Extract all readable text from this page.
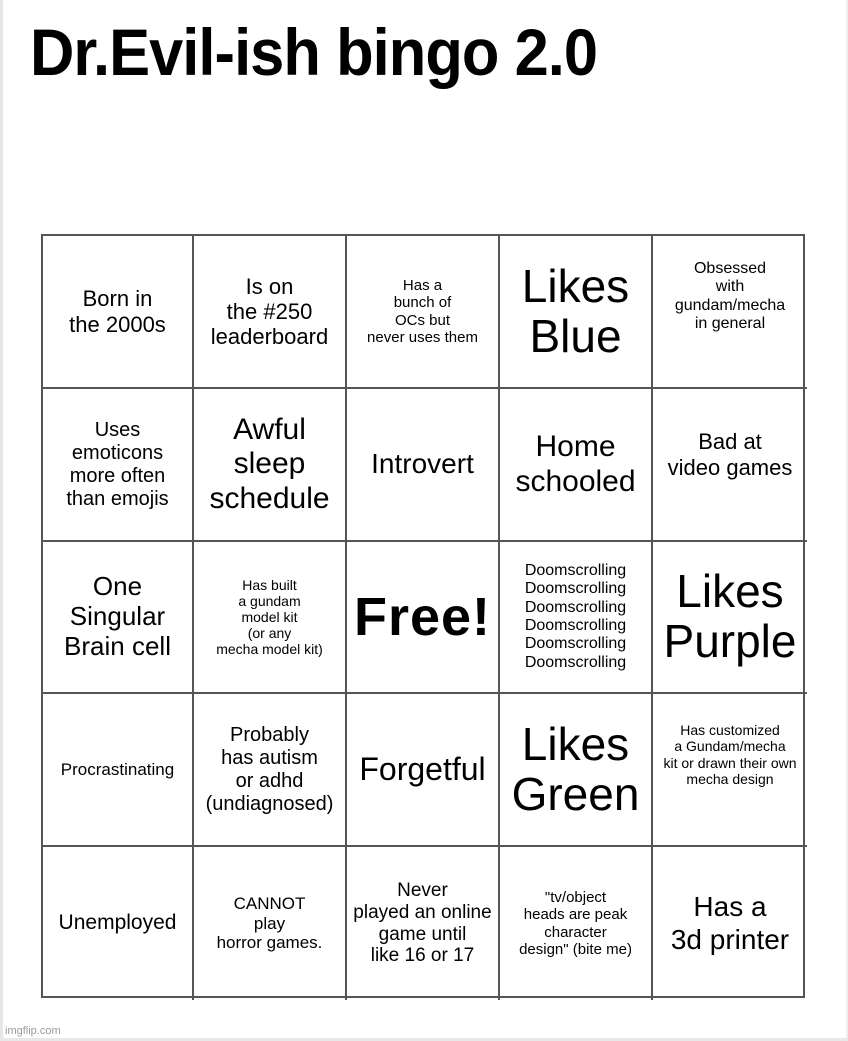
Dr.Evil-ish bingo 2.0
Born in
the 2000s
Is on
the #250
leaderboard
Has a
bunch of
OCs but
never uses them
Likes
Blue
Obsessed
with
gundam/mecha
in general
Uses
emoticons
more often
than emojis
Awful
sleep
schedule
Introvert
Home
schooled
Bad at
video games
One
Singular
Brain cell
Has built
a gundam
model kit
(or any
mecha model kit)
Free!
Doomscrolling
Doomscrolling
Doomscrolling
Doomscrolling
Doomscrolling
Doomscrolling
Likes
Purple
Procrastinating
Probably
has autism
or adhd
(undiagnosed)
Forgetful Likes
Green
Has customized
a Gundam/mecha
kit or drawn their own
mecha design
Unemployed
CANNOT
play
horror games.
Never
played an online
game until
like 16 or 17
"tv/object
heads are peak
character
design" (bite me)
Has a
3d printer
imgflip.com
